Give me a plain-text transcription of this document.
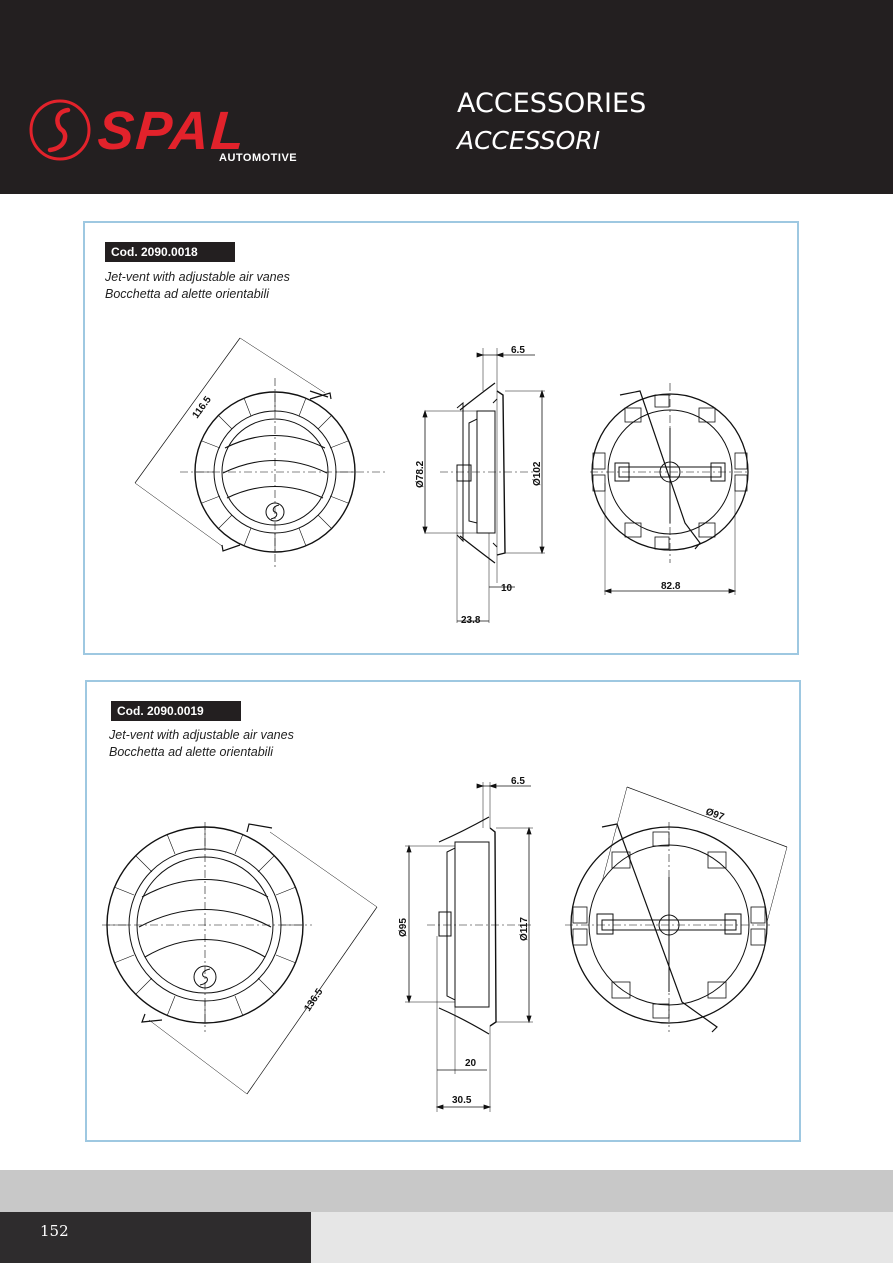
SPAL
AUTOMOTIVE
ACCESSORIES
ACCESSORI
Cod. 2090.0018
Jet-vent with adjustable air vanes
Bocchetta ad alette orientabili
116.5
6.5
Ø78.2	Ø102
10
23.8
82.8
Cod. 2090.0019
Jet-vent with adjustable air vanes
Bocchetta ad alette orientabili
136.5
6.5
Ø95	Ø117
20
30.5
Ø97
152
